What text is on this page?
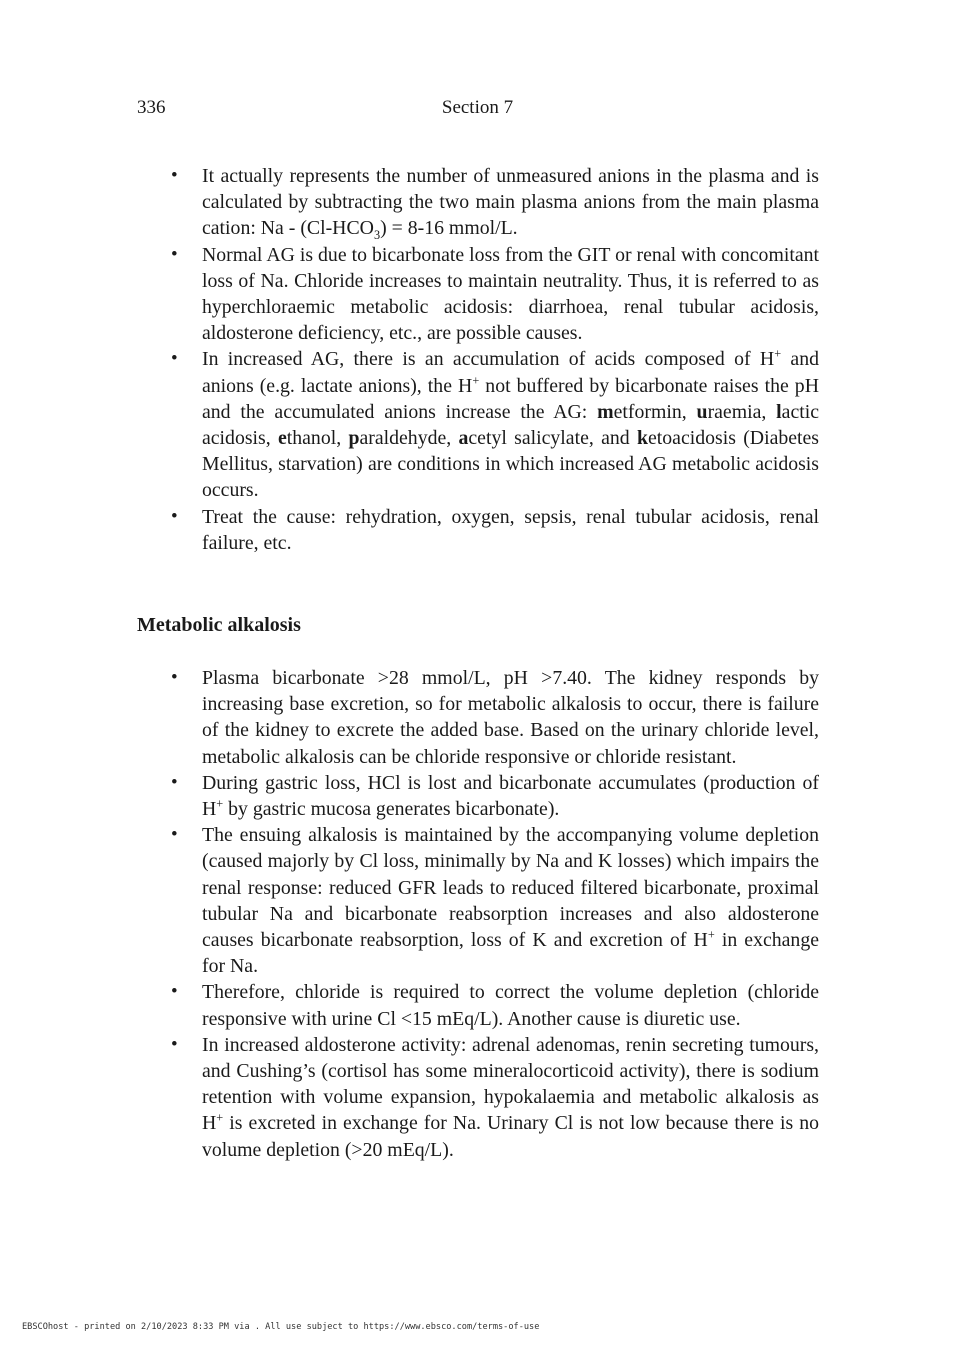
336	Section 7
• It actually represents the number of unmeasured anions in the plasma and is calculated by subtracting the two main plasma anions from the main plasma cation: $Na - (Cl-HCO_3) = 8-16$ mmol/L.
• Normal AG is due to bicarbonate loss from the GIT or renal with concomitant loss of Na. Chloride increases to maintain neutrality. Thus, it is referred to as hyperchloraemic metabolic acidosis: diarrhoea, renal tubular acidosis, aldosterone deficiency, etc., are possible causes.
• In increased AG, there is an accumulation of acids composed of H+ and anions (e.g. lactate anions), the H+ not buffered by bicarbonate raises the pH and the accumulated anions increase the AG: metformin, uraemia, lactic acidosis, ethanol, paraldehyde, acetyl salicylate, and ketoacidosis (Diabetes Mellitus, starvation) are conditions in which increased AG metabolic acidosis occurs.
• Treat the cause: rehydration, oxygen, sepsis, renal tubular acidosis, renal failure, etc.
Metabolic alkalosis
• Plasma bicarbonate >28 mmol/L, pH >7.40. The kidney responds by increasing base excretion, so for metabolic alkalosis to occur, there is failure of the kidney to excrete the added base. Based on the urinary chloride level, metabolic alkalosis can be chloride responsive or chloride resistant.
• During gastric loss, HCl is lost and bicarbonate accumulates (production of H+ by gastric mucosa generates bicarbonate).
• The ensuing alkalosis is maintained by the accompanying volume depletion (caused majorly by Cl loss, minimally by Na and K losses) which impairs the renal response: reduced GFR leads to reduced filtered bicarbonate, proximal tubular Na and bicarbonate reabsorption increases and also aldosterone causes bicarbonate reabsorption, loss of K and excretion of H+ in exchange for Na.
• Therefore, chloride is required to correct the volume depletion (chloride responsive with urine Cl <15 mEq/L). Another cause is diuretic use.
• In increased aldosterone activity: adrenal adenomas, renin secreting tumours, and Cushing’s (cortisol has some mineralocorticoid activity), there is sodium retention with volume expansion, hypokalaemia and metabolic alkalosis as H+ is excreted in exchange for Na. Urinary Cl is not low because there is no volume depletion (>20 mEq/L).
EBSCOhost - printed on 2/10/2023 8:33 PM via . All use subject to https://www.ebsco.com/terms-of-use
